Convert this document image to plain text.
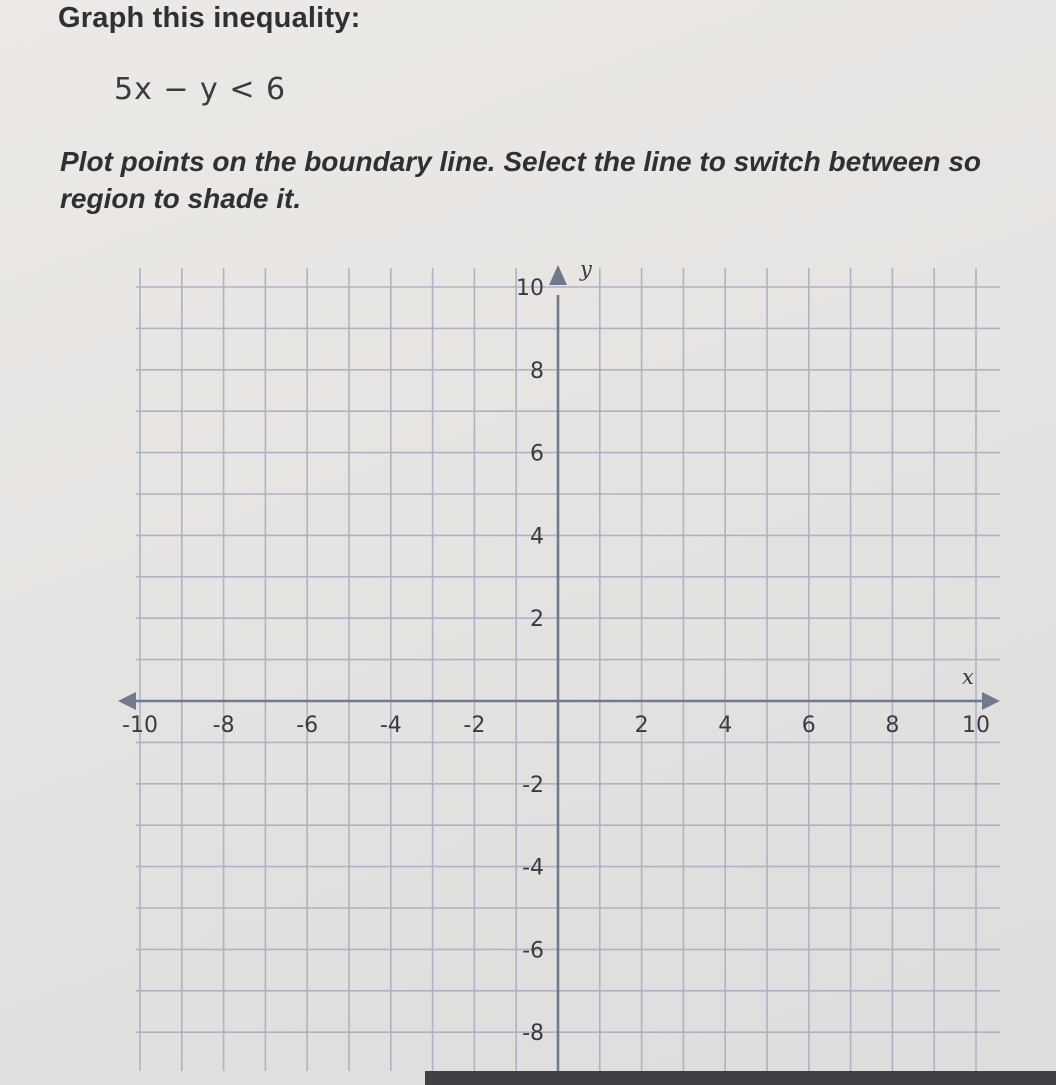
Graph this inequality:
5x − y < 6
Plot points on the boundary line. Select the line to switch between so
region to shade it.
-10 -8	-6	-4	-2	2	4	6	8	10
10
8
6
4
2
-2
-4
-6
-8
x
y
